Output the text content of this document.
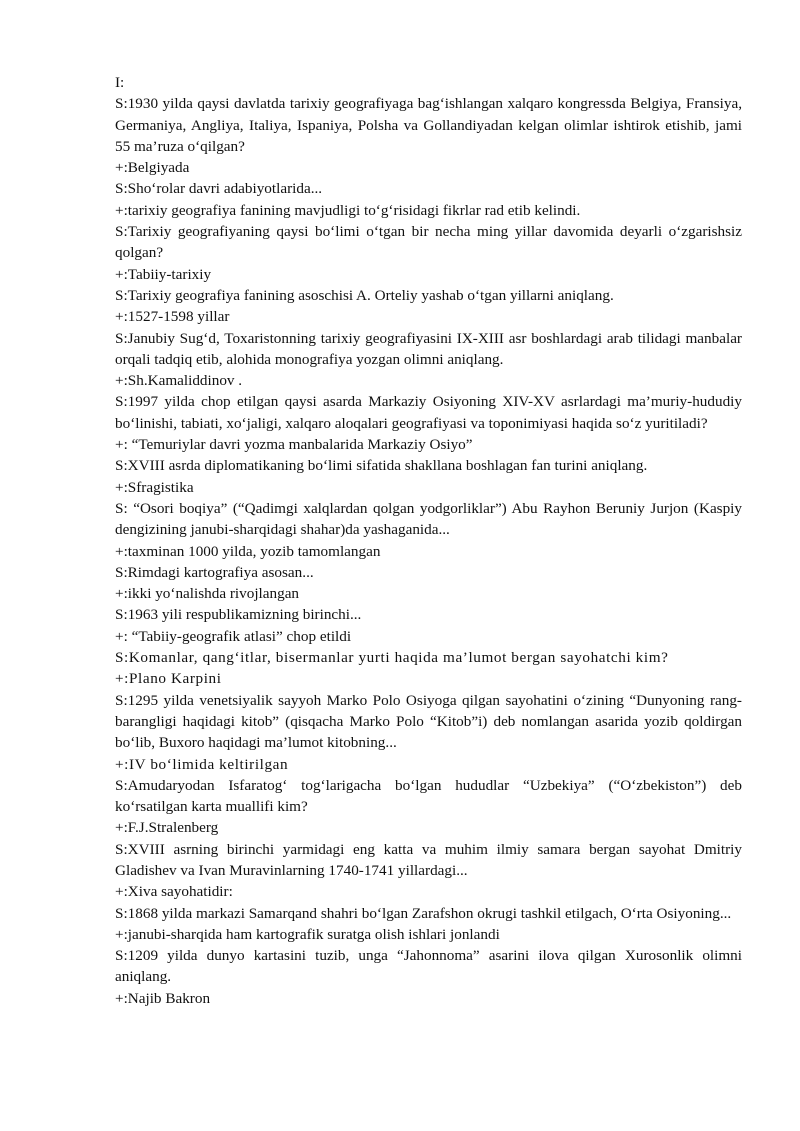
I:

S:1930 yilda qaysi davlatda tarixiy geografiyaga bag‘ishlangan xalqaro kongressda Belgiya, Fransiya, Germaniya, Angliya, Italiya, Ispaniya, Polsha va Gollandiyadan kelgan olimlar ishtirok etishib, jami 55 ma’ruza o‘qilgan?

+:Belgiyada

S:Sho‘rolar davri adabiyotlarida...

+:tarixiy geografiya fanining mavjudligi to‘g‘risidagi fikrlar rad etib kelindi.

S:Tarixiy geografiyaning qaysi bo‘limi o‘tgan bir necha ming yillar davomida deyarli o‘zgarishsiz qolgan?

+:Tabiiy-tarixiy

S:Tarixiy geografiya fanining asoschisi A. Orteliy yashab o‘tgan yillarni aniqlang.

+:1527-1598 yillar

S:Janubiy Sug‘d, Toxaristonning tarixiy geografiyasini IX-XIII asr boshlardagi arab tilidagi manbalar orqali tadqiq etib, alohida monografiya yozgan olimni aniqlang.

+:Sh.Kamaliddinov .

S:1997 yilda chop etilgan qaysi asarda Markaziy Osiyoning XIV-XV asrlardagi ma’muriy-hududiy bo‘linishi, tabiati, xo‘jaligi, xalqaro aloqalari geografiyasi va toponimiyasi haqida so‘z yuritiladi?

+: “Temuriylar davri yozma manbalarida Markaziy Osiyo”

S:XVIII asrda diplomatikaning bo‘limi sifatida shakllana boshlagan fan turini aniqlang.

+:Sfragistika

S: “Osori boqiya” (“Qadimgi xalqlardan qolgan yodgorliklar”) Abu Rayhon Beruniy Jurjon (Kaspiy dengizining janubi-sharqidagi shahar)da yashaganida...

+:taxminan 1000 yilda, yozib tamomlangan

S:Rimdagi kartografiya asosan...

+:ikki yo‘nalishda rivojlangan

S:1963 yili respublikamizning birinchi...

+: “Tabiiy-geografik atlasi” chop etildi

S:Komanlar, qang‘itlar, bisermanlar yurti haqida ma’lumot bergan sayohatchi kim?

+:Plano Karpini

S:1295 yilda venetsiyalik sayyoh Marko Polo Osiyoga qilgan sayohatini o‘zining “Dunyoning rang-barangligi haqidagi kitob” (qisqacha Marko Polo “Kitob”i) deb nomlangan asarida yozib qoldirgan bo‘lib, Buxoro haqidagi ma’lumot kitobning...

+:IV bo‘limida keltirilgan

S:Amudaryodan Isfaratog‘ tog‘larigacha bo‘lgan hududlar “Uzbekiya” (“O‘zbekiston”) deb ko‘rsatilgan karta muallifi kim?

+:F.J.Stralenberg

S:XVIII asrning birinchi yarmidagi eng katta va muhim ilmiy samara bergan sayohat Dmitriy Gladishev va Ivan Muravinlarning 1740-1741 yillardagi...

+:Xiva sayohatidir:

S:1868 yilda markazi Samarqand shahri bo‘lgan Zarafshon okrugi tashkil etilgach, O‘rta Osiyoning...

+:janubi-sharqida ham kartografik suratga olish ishlari jonlandi

S:1209 yilda dunyo kartasini tuzib, unga “Jahonnoma” asarini ilova qilgan Xurosonlik olimni aniqlang.

+:Najib Bakron
